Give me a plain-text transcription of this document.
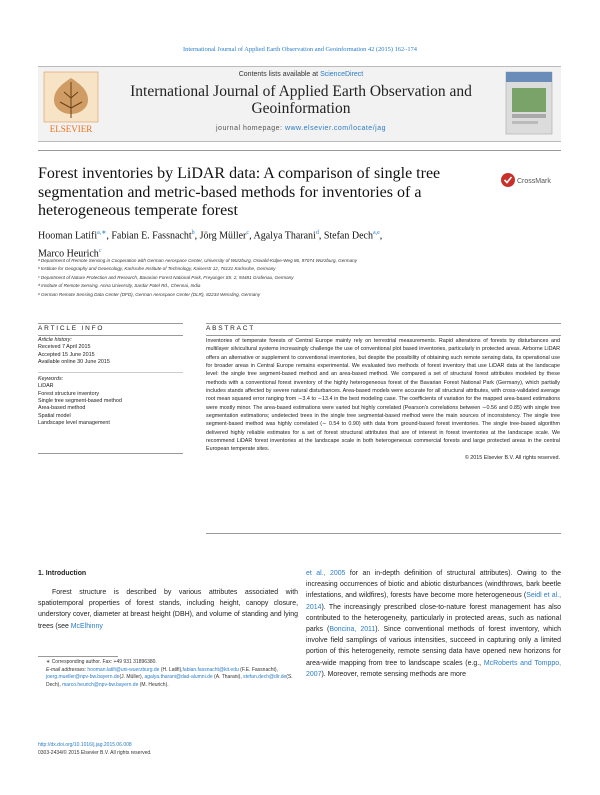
International Journal of Applied Earth Observation and Geoinformation 42 (2015) 162–174
ELSEVIER
Contents lists available at ScienceDirect
International Journal of Applied Earth Observation and Geoinformation
journal homepage: www.elsevier.com/locate/jag
Forest inventories by LiDAR data: A comparison of single tree segmentation and metric-based methods for inventories of a heterogeneous temperate forest
CrossMark
Hooman Latifi$^{a,∗}$, Fabian E. Fassnacht$^b$, Jörg Müller$^c$, Agalya Tharani$^d$, Stefan Dech$^{a,e}$,
Marco Heurich$^c$
ᵃ Department of Remote Sensing in Cooperation with German Aerospace Center, University of Würzburg, Oswald-Külpe-Weg 86, 97074 Würzburg, Germany
ᵇ Institute for Geography and Geoecology, Karlsruhe Institute of Technology, Kaiserstr 12, 76131 Karlsruhe, Germany
ᶜ Department of Nature Protection and Research, Bavarian Forest National Park, Freyunger Str. 2, 94481 Grafenau, Germany
ᵈ Institute of Remote Sensing, Anna University, Sardar Patel Rd., Chennai, India
ᵉ German Remote Sensing Data Center (DFD), German Aerospace Center (DLR), 82234 Wessling, Germany
ARTICLE INFO
Article history:
Received 7 April 2015
Accepted 15 June 2015
Available online 30 June 2015
Keywords:
LiDAR
Forest structure inventory
Single tree segment-based method
Area-based method
Spatial model
Landscape level management
ABSTRACT
Inventories of temperate forests of Central Europe mainly rely on terrestrial measurements. Rapid alterations of forests by disturbances and multilayer silvicultural systems increasingly challenge the use of conventional plot based inventories, particularly in protected areas. Airborne LiDAR offers an alternative or supplement to conventional inventories, but despite the possibility of obtaining such remote sensing data, its operational use for broader areas in Central Europe remains experimental. We evaluated two methods of forest inventory that use LiDAR data at the landscape level: the single tree segment-based method and an area-based method. We compared a set of structural forest attributes modeled by these methods with a conventional forest inventory of the highly heterogeneous forest of the Bavarian Forest National Park (Germany), which partially includes stands affected by severe natural disturbances. Area-based models were accurate for all structural attributes, with cross-validated average root mean squared error ranging from ∼3.4 to ∼13.4 in the best modeling case. The coefficients of variation for the mapped area-based estimations were mostly minor. The area-based estimations were varied but highly correlated (Pearson's correlations between ∼0.56 and 0.85) with single tree segmentation estimations; undetected trees in the single tree segmentat-based method were the main sources of inconsistency. The single tree segment-based method was highly correlated (∼ 0.54 to 0.90) with data from ground-based forest inventories. The single tree-based algorithm delivered highly reliable estimates for a set of forest structural attributes that are of interest in forest inventories at the landscape scale. We recommend LiDAR forest inventories at the landscape scale in both heterogeneous commercial forests and large protected areas in the central European temperate sites.
© 2015 Elsevier B.V. All rights reserved.
1. Introduction
Forest structure is described by various attributes associated with spatiotemporal properties of forest stands, including height, canopy closure, understory cover, diameter at breast height (DBH), and volume of standing and lying trees (see McElhinny
et al., 2005 for an in-depth definition of structural attributes). Owing to the increasing occurrences of biotic and abiotic disturbances (windthrows, bark beetle infestations, and wildfires), forests have become more heterogeneous (Seidl et al., 2014). The increasingly prescribed close-to-nature forest management has also contributed to the heterogeneity, particularly in protected areas, such as national parks (Boncina, 2011). Since conventional methods of forest inventory, which involve field samplings of various intensities, succeed in capturing only a limited portion of this heterogeneity, remote sensing data have opened new horizons for area-wide mapping from tree to landscape scales (e.g., McRoberts and Tomppo, 2007). Moreover, remote sensing methods are more
∗ Corresponding author. Fax: +49 931 31896380.
E-mail addresses: hooman.latifi@uni-wuerzburg.de (H. Latifi),fabian.fassnacht@kit.edu (F.E. Fassnacht), joerg.mueller@npv-bw.bayern.de(J. Müller), agalya.tharani@dad-alumni.de (A. Tharani), stefan.dech@dlr.de(S. Dech), marco.heurich@npv-bw.bayern.de (M. Heurich).
http://dx.doi.org/10.1016/j.jag.2015.06.008
0303-2434/© 2015 Elsevier B.V. All rights reserved.
